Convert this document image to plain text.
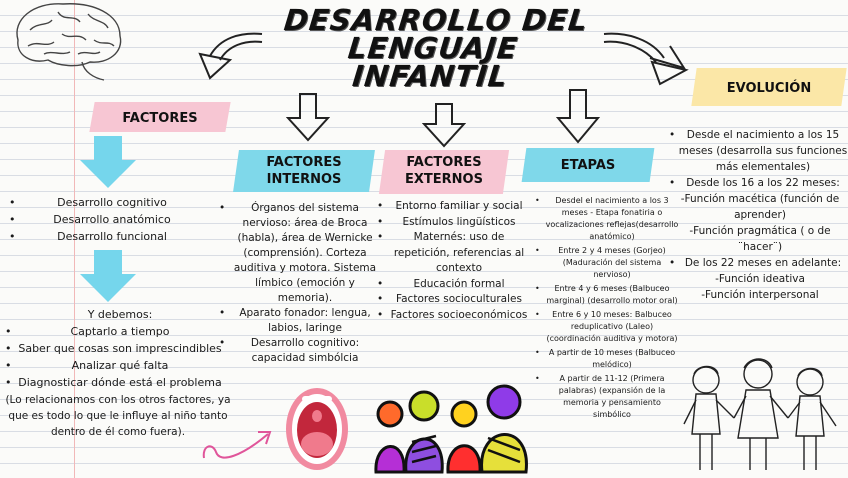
DESARROLLO DEL
LENGUAJE INFANTIL
FACTORES
• Desarrollo cognitivo
• Desarrollo anatómico
• Desarrollo funcional
Y debemos:
• Captarlo a tiempo
• Saber que cosas son imprescindibles
• Analizar qué falta
• Diagnosticar dónde está el problema
(Lo relacionamos con los otros factores, ya que es todo lo que le influye al niño tanto dentro de él como fuera).
FACTORES
INTERNOS
• Órganos del sistema nervioso: área de Broca (habla), área de Wernicke (comprensión). Corteza auditiva y motora. Sistema límbico (emoción y memoria).
• Aparato fonador: lengua, labios, laringe
• Desarrollo cognitivo: capacidad simbólcia
FACTORES
EXTERNOS
• Entorno familiar y social
• Estímulos lingüísticos
• Maternés: uso de repetición, referencias al contexto
• Educación formal
• Factores socioculturales
• Factores socioeconómicos
ETAPAS
• Desdel el nacimiento a los 3 meses - Etapa fonatiria o vocalizaciones reflejas(desarrollo anatómico)
• Entre 2 y 4 meses (Gorjeo) (Maduración del sistema nervioso)
• Entre 4 y 6 meses (Balbuceo marginal) (desarrollo motor oral)
• Entre 6 y 10 meses: Balbuceo reduplicativo (Laleo) (coordinación auditiva y motora)
• A partir de 10 meses (Balbuceo melódico)
• A partir de 11-12 (Primera palabras) (expansión de la memoria y pensamiento simbólico
EVOLUCIÓN
• Desde el nacimiento a los 15 meses (desarrolla sus funciones más elementales)
• Desde los 16 a los 22 meses:
-Función macética (función de aprender)
-Función pragmática ( o de ¨hacer¨)
• De los 22 meses en adelante:
-Función ideativa
-Función interpersonal
